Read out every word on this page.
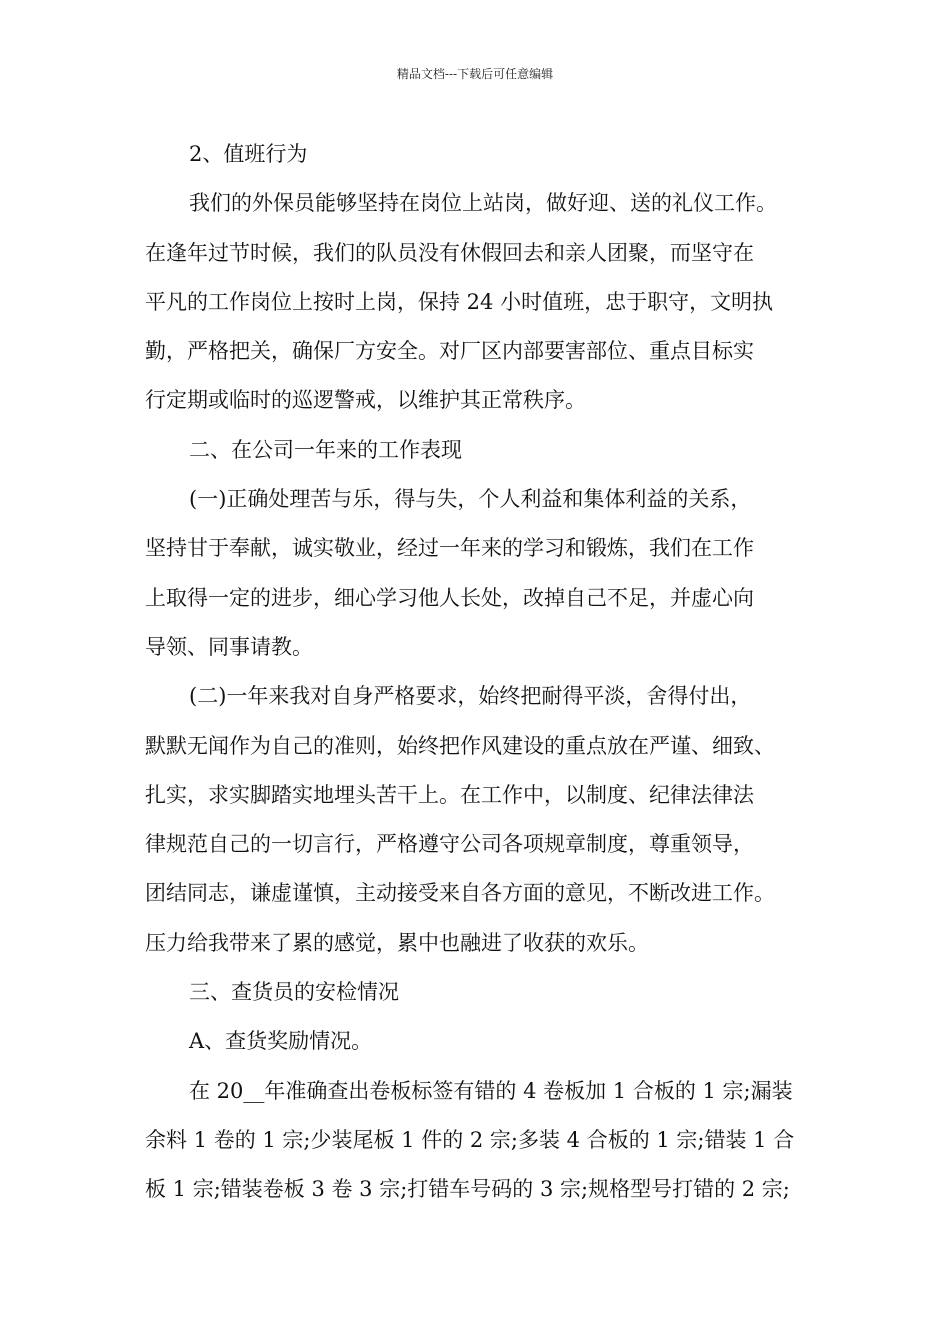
精品文档---下载后可任意编辑
2、值班行为
我们的外保员能够坚持在岗位上站岗，做好迎、送的礼仪工作。
在逢年过节时候，我们的队员没有休假回去和亲人团聚，而坚守在
平凡的工作岗位上按时上岗，保持 24 小时值班，忠于职守，文明执
勤，严格把关，确保厂方安全。对厂区内部要害部位、重点目标实
行定期或临时的巡逻警戒，以维护其正常秩序。
二、在公司一年来的工作表现
(一)正确处理苦与乐，得与失，个人利益和集体利益的关系，
坚持甘于奉献，诚实敬业，经过一年来的学习和锻炼，我们在工作
上取得一定的进步，细心学习他人长处，改掉自己不足，并虚心向
导领、同事请教。
(二)一年来我对自身严格要求，始终把耐得平淡，舍得付出，
默默无闻作为自己的准则，始终把作风建设的重点放在严谨、细致、
扎实，求实脚踏实地埋头苦干上。在工作中，以制度、纪律法律法
律规范自己的一切言行，严格遵守公司各项规章制度，尊重领导，
团结同志，谦虚谨慎，主动接受来自各方面的意见，不断改进工作。
压力给我带来了累的感觉，累中也融进了收获的欢乐。
三、查货员的安检情况
A、查货奖励情况。
在 20__年准确查出卷板标签有错的 4 卷板加 1 合板的 1 宗;漏装
余料 1 卷的 1 宗;少装尾板 1 件的 2 宗;多装 4 合板的 1 宗;错装 1 合
板 1 宗;错装卷板 3 卷 3 宗;打错车号码的 3 宗;规格型号打错的 2 宗;
